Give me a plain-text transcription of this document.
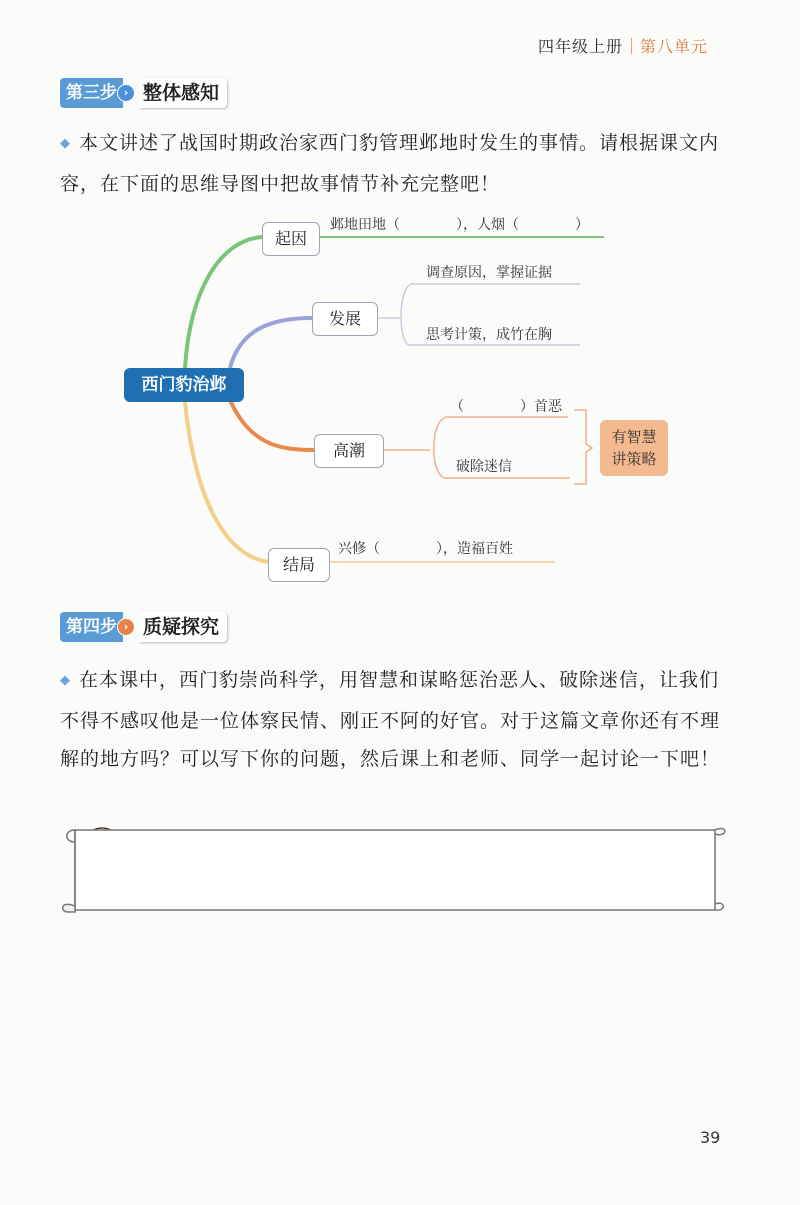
四年级上册 第八单元
第三步 › 整体感知
◆ 本文讲述了战国时期政治家西门豹管理邺地时发生的事情。请根据课文内容，在下面的思维导图中把故事情节补充完整吧！
西门豹治邺
起因
邺地田地（　　　　），人烟（　　　　）
发展
调查原因，掌握证据
思考计策，成竹在胸
高潮
（　　　　）首恶
破除迷信
有智慧
讲策略
结局
兴修（　　　　），造福百姓
第四步 › 质疑探究
◆ 在本课中，西门豹崇尚科学，用智慧和谋略惩治恶人、破除迷信，让我们不得不感叹他是一位体察民情、刚正不阿的好官。对于这篇文章你还有不理解的地方吗？可以写下你的问题，然后课上和老师、同学一起讨论一下吧！
39
